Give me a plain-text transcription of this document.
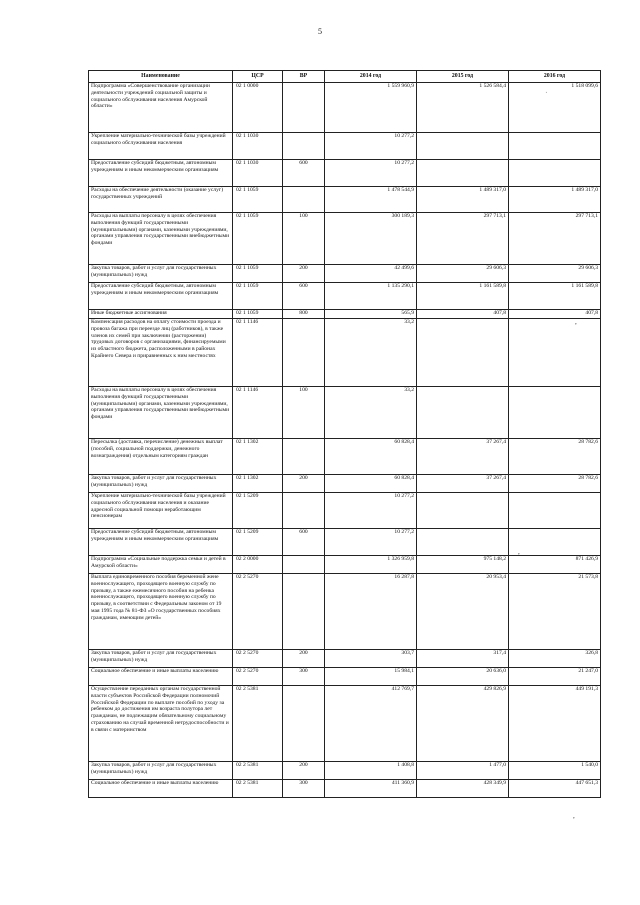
5
Наименование	ЦСР	ВР	2014 год	2015 год	2016 год
Подпрограмма «Совершенствование организации деятельности учреждений социальной защиты и социального обслуживания населения Амурской области»	02 1 0000		1 559 960,9	1 526 584,4	1 518 099,6
Укрепление материально-технической базы учреждений социального обслуживания населения	02 1 1030		10 277,2		
Предоставление субсидий бюджетным, автономным учреждениям и иным некоммерческим организациям	02 1 1030	600	10 277,2		
Расходы на обеспечение деятельности (оказание услуг) государственных учреждений	02 1 1059		1 478 544,9	1 489 317,0	1 489 317,0
Расходы на выплаты персоналу в целях обеспечения выполнения функций государственными (муниципальными) органами, казенными учреждениями, органами управления государственными внебюджетными фондами	02 1 1059	100	300 189,3	297 713,1	297 713,1
Закупка товаров, работ и услуг для государственных (муниципальных) нужд	02 1 1059	200	42 499,6	29 606,3	29 606,3
Предоставление субсидий бюджетным, автономным учреждениям и иным некоммерческим организациям	02 1 1059	600	1 135 290,1	1 161 589,8	1 161 589,8
Иные бюджетные ассигнования	02 1 1059	800	565,9	407,8	407,8
Компенсация расходов на оплату стоимости проезда и провоза багажа при переезде лиц (работников), в также членов их семей при заключении (расторжении) трудовых договоров с организациями, финансируемыми из областного бюджета, расположенными в районах Крайнего Севера и приравненных к ним местностях	02 1 1146		33,2		
Расходы на выплаты персоналу в целях обеспечения выполнения функций государственными (муниципальными) органами, казенными учреждениями, органами управления государственными внебюджетными фондами	02 1 1146	100	33,2		
Пересылка (доставка, перечисление) денежных выплат (пособий, социальной поддержки, денежного вознаграждения) отдельным категориям граждан	02 1 1302		60 828,4	37 267,4	28 782,6
Закупка товаров, работ и услуг для государственных (муниципальных) нужд	02 1 1302	200	60 828,4	37 267,4	28 782,6
Укрепление материально-технической базы учреждений социального обслуживания населения и оказание адресной социальной помощи неработающим пенсионерам	02 1 5209		10 277,2		
Предоставление субсидий бюджетным, автономным учреждениям и иным некоммерческим организациям	02 1 5209	600	10 277,2		
Подпрограмма «Социальные поддержка семьи и детей в Амурской области»	02 2 0000		1 326 959,8	975 148,2	871 426,9
Выплата единовременного пособия беременной жене военнослужащего, проходящего военную службу по призыву, а также ежемесячного пособия на ребенка военнослужащего, проходящего военную службу по призыву, в соответствии с Федеральным законом от 19 мая 1995 года № 81-ФЗ «О государственных пособиях гражданам, имеющим детей»	02 2 5270		16 287,8	20 953,4	21 573,8
Закупка товаров, работ и услуг для государственных (муниципальных) нужд	02 2 5270	200	303,7	317,4	326,8
Социальное обеспечение и иные выплаты населению	02 2 5270	300	15 984,1	20 636,0	21 247,0
Осуществление переданных органам государственной власти субъектов Российской Федерации полномочий Российской Федерации по выплате пособий по уходу за ребенком до достижения им возраста полутора лет гражданам, не подлежащим обязательному социальному страхованию на случай временной нетрудоспособности и в связи с материнством	02 2 5381		412 769,7	429 826,9	449 191,3
Закупка товаров, работ и услуг для государственных (муниципальных) нужд	02 2 5381	200	1 408,8	1 477,0	1 540,0
Социальное обеспечение и иные выплаты населению	02 2 5381	300	411 360,9	428 349,9	447 651,3
ˈ
,
,
,
